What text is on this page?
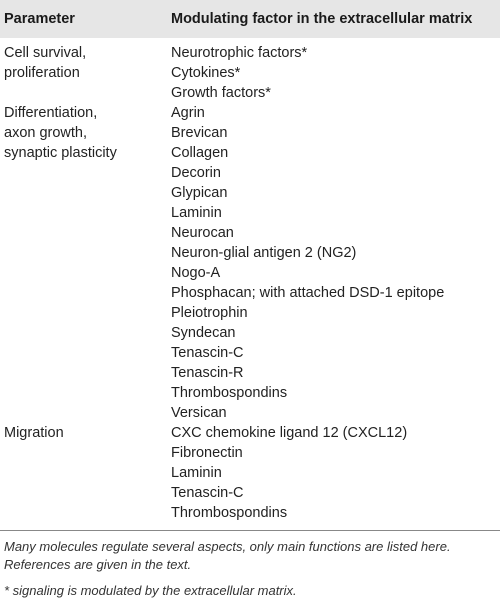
Parameter	Modulating factor in the extracellular matrix
Cell survival,
proliferation
Neurotrophic factors*
Cytokines*
Growth factors*
Differentiation,
axon growth,
synaptic plasticity
Agrin
Brevican
Collagen
Decorin
Glypican
Laminin
Neurocan
Neuron-glial antigen 2 (NG2)
Nogo-A
Phosphacan; with attached DSD-1 epitope
Pleiotrophin
Syndecan
Tenascin-C
Tenascin-R
Thrombospondins
Versican
Migration	CXC chemokine ligand 12 (CXCL12)
Fibronectin
Laminin
Tenascin-C
Thrombospondins
Many molecules regulate several aspects, only main functions are listed here.
References are given in the text.
* signaling is modulated by the extracellular matrix.
